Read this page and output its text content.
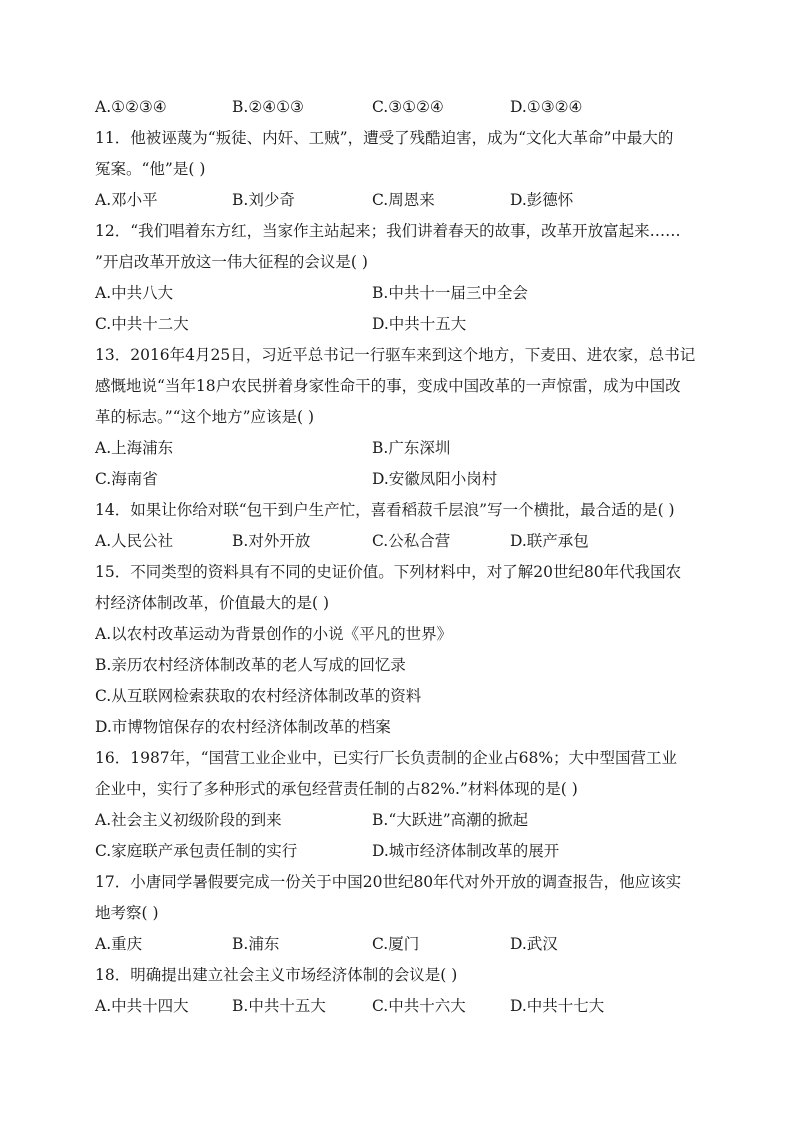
A.①②③④	B.②④①③	C.③①②④	D.①③②④
11．他被诬蔑为“叛徒、内奸、工贼”，遭受了残酷迫害，成为“文化大革命”中最大的
冤案。“他”是( )
A.邓小平	B.刘少奇	C.周恩来	D.彭德怀
12．“我们唱着东方红，当家作主站起来；我们讲着春天的故事，改革开放富起来……
”开启改革开放这一伟大征程的会议是( )
A.中共八大	B.中共十一届三中全会
C.中共十二大	D.中共十五大
13．2016年4月25日，习近平总书记一行驱车来到这个地方，下麦田、进农家，总书记
感慨地说“当年18户农民拼着身家性命干的事，变成中国改革的一声惊雷，成为中国改
革的标志。”“这个地方”应该是( )
A.上海浦东	B.广东深圳
C.海南省	D.安徽凤阳小岗村
14．如果让你给对联“包干到户生产忙，喜看稻菽千层浪”写一个横批，最合适的是( )
A.人民公社	B.对外开放	C.公私合营	D.联产承包
15．不同类型的资料具有不同的史证价值。下列材料中，对了解20世纪80年代我国农
村经济体制改革，价值最大的是( )
A.以农村改革运动为背景创作的小说《平凡的世界》
B.亲历农村经济体制改革的老人写成的回忆录
C.从互联网检索获取的农村经济体制改革的资料
D.市博物馆保存的农村经济体制改革的档案
16．1987年，“国营工业企业中，已实行厂长负责制的企业占68%；大中型国营工业
企业中，实行了多种形式的承包经营责任制的占82%.”材料体现的是( )
A.社会主义初级阶段的到来	B.“大跃进”高潮的掀起
C.家庭联产承包责任制的实行	D.城市经济体制改革的展开
17．小唐同学暑假要完成一份关于中国20世纪80年代对外开放的调查报告，他应该实
地考察( )
A.重庆	B.浦东	C.厦门	D.武汉
18．明确提出建立社会主义市场经济体制的会议是( )
A.中共十四大	B.中共十五大	C.中共十六大	D.中共十七大
